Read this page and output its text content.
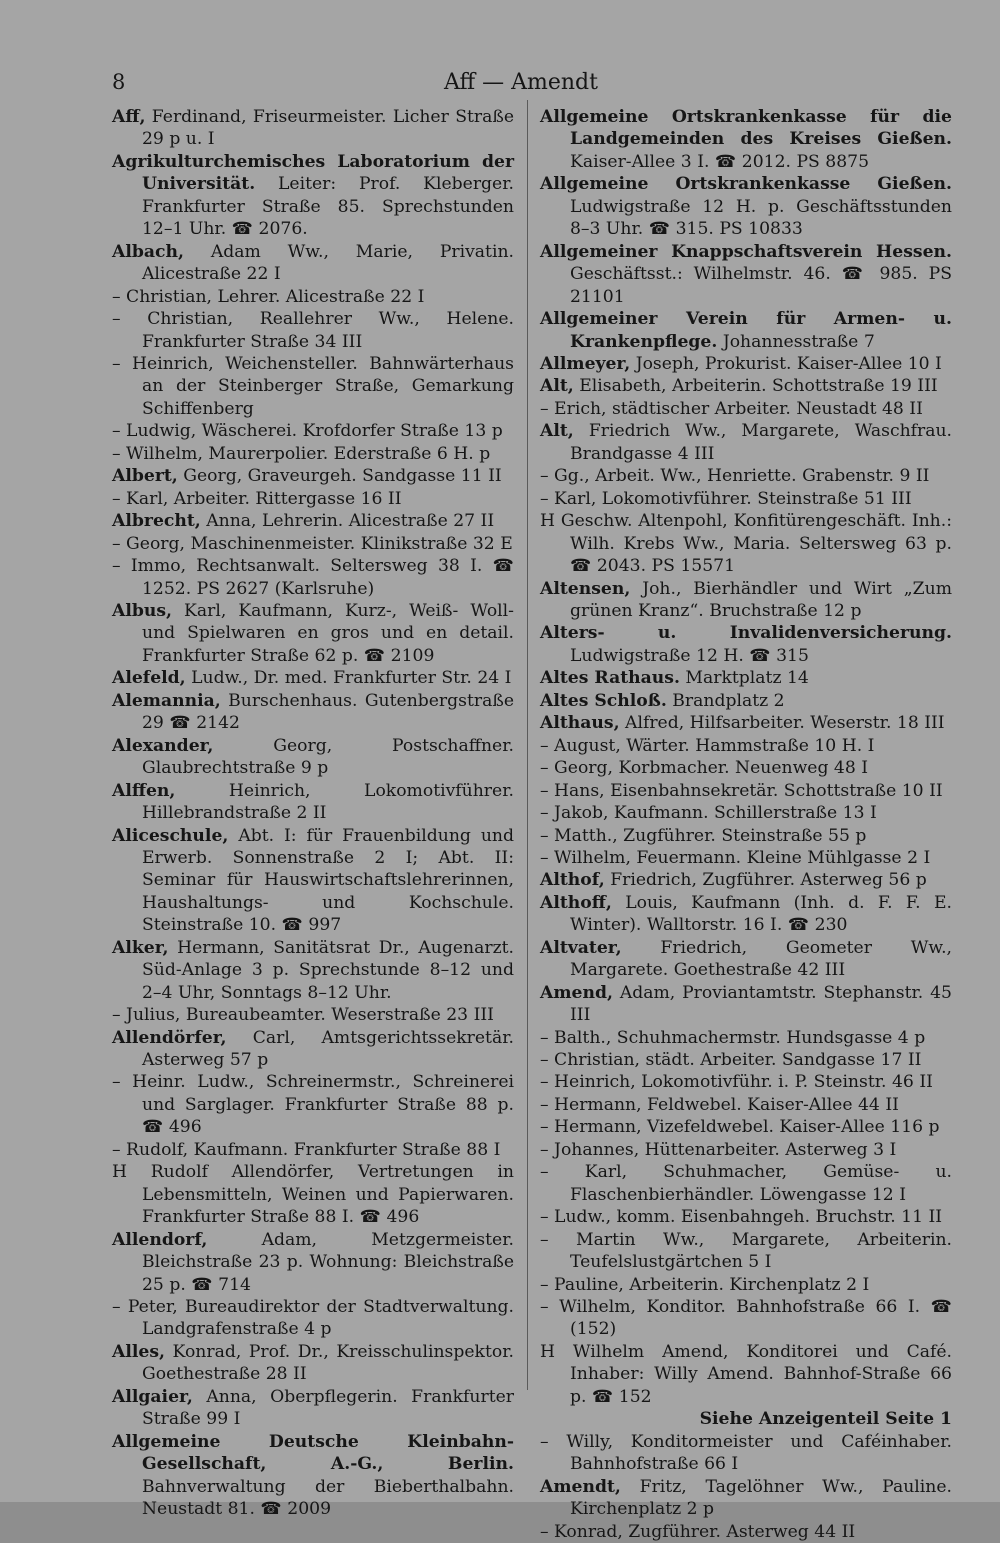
8	Aff — Amendt

Aff, Ferdinand, Friseurmeister. Licher Straße 29 p u. I

Agrikulturchemisches Laboratorium der Universität. Leiter: Prof. Kleberger. Frankfurter Straße 85. Sprechstunden 12–1 Uhr. ☎ 2076.

Albach, Adam Ww., Marie, Privatin. Alicestraße 22 I

– Christian, Lehrer. Alicestraße 22 I

– Christian, Reallehrer Ww., Helene. Frankfurter Straße 34 III

– Heinrich, Weichensteller. Bahnwärterhaus an der Steinberger Straße, Gemarkung Schiffenberg

– Ludwig, Wäscherei. Krofdorfer Straße 13 p

– Wilhelm, Maurerpolier. Ederstraße 6 H. p

Albert, Georg, Graveurgeh. Sandgasse 11 II

– Karl, Arbeiter. Rittergasse 16 II

Albrecht, Anna, Lehrerin. Alicestraße 27 II

– Georg, Maschinenmeister. Klinikstraße 32 E

– Immo, Rechtsanwalt. Seltersweg 38 I. ☎ 1252. PS 2627 (Karlsruhe)

Albus, Karl, Kaufmann, Kurz-, Weiß- Woll- und Spielwaren en gros und en detail. Frankfurter Straße 62 p. ☎ 2109

Alefeld, Ludw., Dr. med. Frankfurter Str. 24 I

Alemannia, Burschenhaus. Gutenbergstraße 29 ☎ 2142

Alexander, Georg, Postschaffner. Glaubrechtstraße 9 p

Alffen, Heinrich, Lokomotivführer. Hillebrandstraße 2 II

Aliceschule, Abt. I: für Frauenbildung und Erwerb. Sonnenstraße 2 I; Abt. II: Seminar für Hauswirtschaftslehrerinnen, Haushaltungs- und Kochschule. Steinstraße 10. ☎ 997

Alker, Hermann, Sanitätsrat Dr., Augenarzt. Süd-Anlage 3 p. Sprechstunde 8–12 und 2–4 Uhr, Sonntags 8–12 Uhr.

– Julius, Bureaubeamter. Weserstraße 23 III

Allendörfer, Carl, Amtsgerichtssekretär. Asterweg 57 p

– Heinr. Ludw., Schreinermstr., Schreinerei und Sarglager. Frankfurter Straße 88 p. ☎ 496

– Rudolf, Kaufmann. Frankfurter Straße 88 I

H Rudolf Allendörfer, Vertretungen in Lebensmitteln, Weinen und Papierwaren. Frankfurter Straße 88 I. ☎ 496

Allendorf, Adam, Metzgermeister. Bleichstraße 23 p. Wohnung: Bleichstraße 25 p. ☎ 714

– Peter, Bureaudirektor der Stadtverwaltung. Landgrafenstraße 4 p

Alles, Konrad, Prof. Dr., Kreisschulinspektor. Goethestraße 28 II

Allgaier, Anna, Oberpflegerin. Frankfurter Straße 99 I

Allgemeine Deutsche Kleinbahn-Gesellschaft, A.-G., Berlin. Bahnverwaltung der Bieberthalbahn. Neustadt 81. ☎ 2009

Allgemeine Ortskrankenkasse für die Landgemeinden des Kreises Gießen. Kaiser-Allee 3 I. ☎ 2012. PS 8875

Allgemeine Ortskrankenkasse Gießen. Ludwigstraße 12 H. p. Geschäftsstunden 8–3 Uhr. ☎ 315. PS 10833

Allgemeiner Knappschaftsverein Hessen. Geschäftsst.: Wilhelmstr. 46. ☎ 985. PS 21101

Allgemeiner Verein für Armen- u. Krankenpflege. Johannesstraße 7

Allmeyer, Joseph, Prokurist. Kaiser-Allee 10 I

Alt, Elisabeth, Arbeiterin. Schottstraße 19 III

– Erich, städtischer Arbeiter. Neustadt 48 II

Alt, Friedrich Ww., Margarete, Waschfrau. Brandgasse 4 III

– Gg., Arbeit. Ww., Henriette. Grabenstr. 9 II

– Karl, Lokomotivführer. Steinstraße 51 III

H Geschw. Altenpohl, Konfitürengeschäft. Inh.: Wilh. Krebs Ww., Maria. Seltersweg 63 p. ☎ 2043. PS 15571

Altensen, Joh., Bierhändler und Wirt „Zum grünen Kranz“. Bruchstraße 12 p

Alters- u. Invalidenversicherung. Ludwigstraße 12 H. ☎ 315

Altes Rathaus. Marktplatz 14

Altes Schloß. Brandplatz 2

Althaus, Alfred, Hilfsarbeiter. Weserstr. 18 III

– August, Wärter. Hammstraße 10 H. I

– Georg, Korbmacher. Neuenweg 48 I

– Hans, Eisenbahnsekretär. Schottstraße 10 II

– Jakob, Kaufmann. Schillerstraße 13 I

– Matth., Zugführer. Steinstraße 55 p

– Wilhelm, Feuermann. Kleine Mühlgasse 2 I

Althof, Friedrich, Zugführer. Asterweg 56 p

Althoff, Louis, Kaufmann (Inh. d. F. F. E. Winter). Walltorstr. 16 I. ☎ 230

Altvater, Friedrich, Geometer Ww., Margarete. Goethestraße 42 III

Amend, Adam, Proviantamtstr. Stephanstr. 45 III

– Balth., Schuhmachermstr. Hundsgasse 4 p

– Christian, städt. Arbeiter. Sandgasse 17 II

– Heinrich, Lokomotivführ. i. P. Steinstr. 46 II

– Hermann, Feldwebel. Kaiser-Allee 44 II

– Hermann, Vizefeldwebel. Kaiser-Allee 116 p

– Johannes, Hüttenarbeiter. Asterweg 3 I

– Karl, Schuhmacher, Gemüse- u. Flaschenbierhändler. Löwengasse 12 I

– Ludw., komm. Eisenbahngeh. Bruchstr. 11 II

– Martin Ww., Margarete, Arbeiterin. Teufelslustgärtchen 5 I

– Pauline, Arbeiterin. Kirchenplatz 2 I

– Wilhelm, Konditor. Bahnhofstraße 66 I. ☎ (152)

H Wilhelm Amend, Konditorei und Café. Inhaber: Willy Amend. Bahnhof-Straße 66 p. ☎ 152

Siehe Anzeigenteil Seite 1

– Willy, Konditormeister und Caféinhaber. Bahnhofstraße 66 I

Amendt, Fritz, Tagelöhner Ww., Pauline. Kirchenplatz 2 p

– Konrad, Zugführer. Asterweg 44 II
